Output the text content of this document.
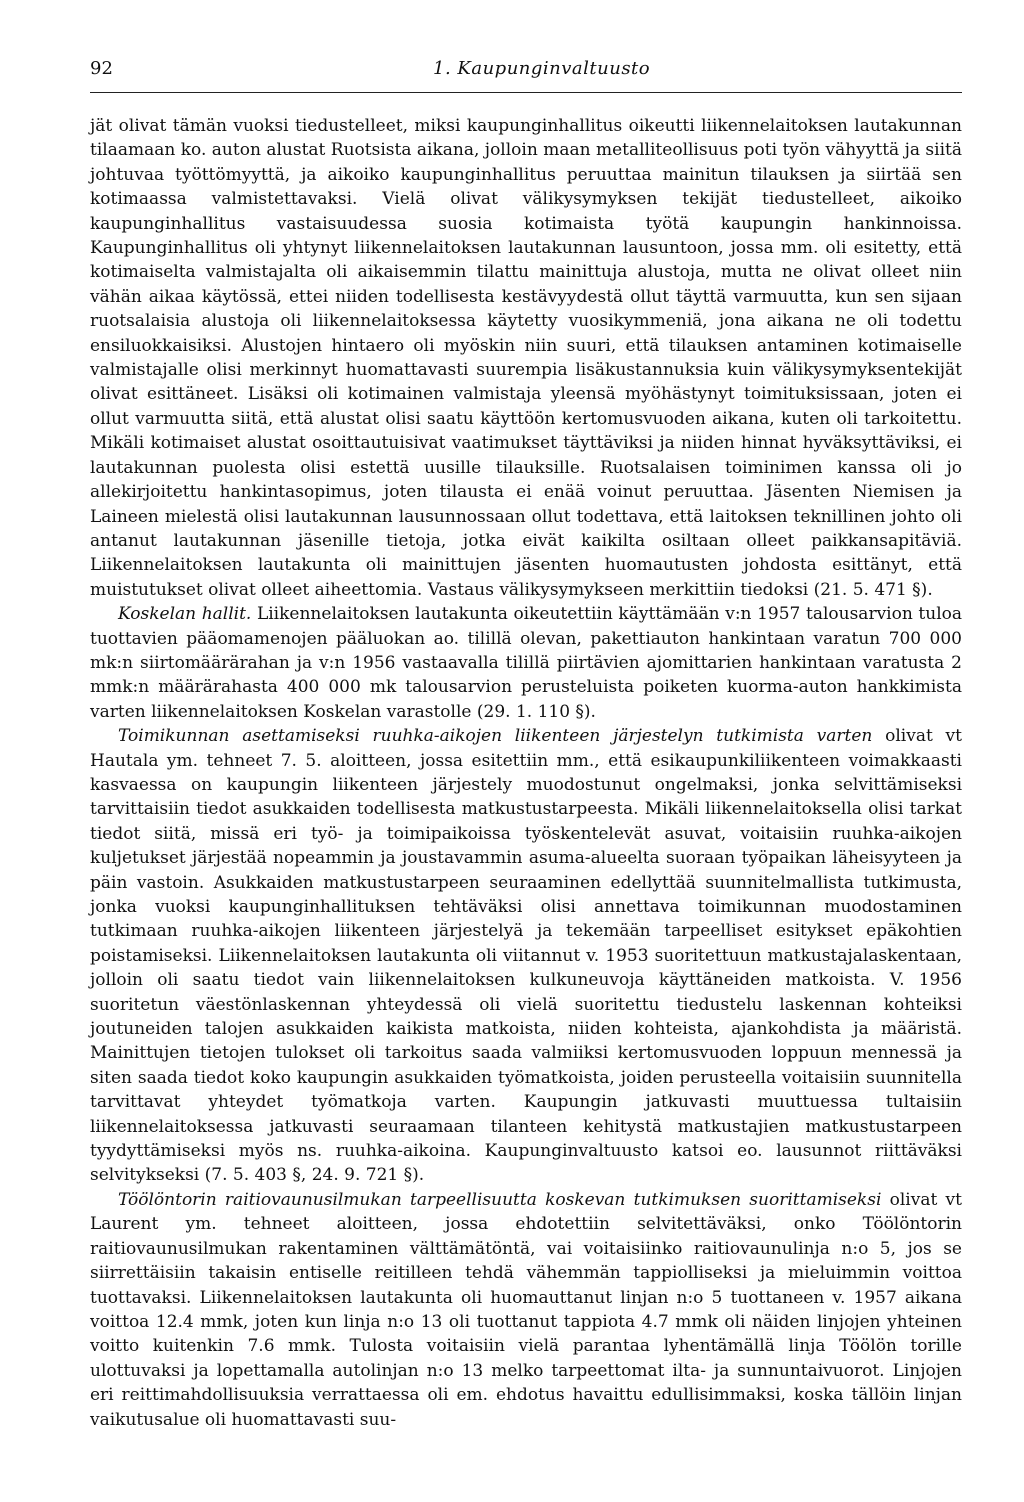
92	1. Kaupunginvaltuusto

jät olivat tämän vuoksi tiedustelleet, miksi kaupunginhallitus oikeutti liikennelaitoksen lautakunnan tilaamaan ko. auton alustat Ruotsista aikana, jolloin maan metalliteollisuus poti työn vähyyttä ja siitä johtuvaa työttömyyttä, ja aikoiko kaupunginhallitus peruuttaa mainitun tilauksen ja siirtää sen kotimaassa valmistettavaksi. Vielä olivat välikysymyksen tekijät tiedustelleet, aikoiko kaupunginhallitus vastaisuudessa suosia kotimaista työtä kaupungin hankinnoissa. Kaupunginhallitus oli yhtynyt liikennelaitoksen lautakunnan lausuntoon, jossa mm. oli esitetty, että kotimaiselta valmistajalta oli aikaisemmin tilattu mainittuja alustoja, mutta ne olivat olleet niin vähän aikaa käytössä, ettei niiden todellisesta kestävyydestä ollut täyttä varmuutta, kun sen sijaan ruotsalaisia alustoja oli liikennelaitoksessa käytetty vuosikymmeniä, jona aikana ne oli todettu ensiluokkaisiksi. Alustojen hintaero oli myöskin niin suuri, että tilauksen antaminen kotimaiselle valmistajalle olisi merkinnyt huomattavasti suurempia lisäkustannuksia kuin välikysymyksentekijät olivat esittäneet. Lisäksi oli kotimainen valmistaja yleensä myöhästynyt toimituksissaan, joten ei ollut varmuutta siitä, että alustat olisi saatu käyttöön kertomusvuoden aikana, kuten oli tarkoitettu. Mikäli kotimaiset alustat osoittautuisivat vaatimukset täyttäviksi ja niiden hinnat hyväksyttäviksi, ei lautakunnan puolesta olisi estettä uusille tilauksille. Ruotsalaisen toiminimen kanssa oli jo allekirjoitettu hankintasopimus, joten tilausta ei enää voinut peruuttaa. Jäsenten Niemisen ja Laineen mielestä olisi lautakunnan lausunnossaan ollut todettava, että laitoksen teknillinen johto oli antanut lautakunnan jäsenille tietoja, jotka eivät kaikilta osiltaan olleet paikkansapitäviä. Liikennelaitoksen lautakunta oli mainittujen jäsenten huomautusten johdosta esittänyt, että muistutukset olivat olleet aiheettomia. Vastaus välikysymykseen merkittiin tiedoksi (21. 5. 471 §).

Koskelan hallit. Liikennelaitoksen lautakunta oikeutettiin käyttämään v:n 1957 talousarvion tuloa tuottavien pääomamenojen pääluokan ao. tilillä olevan, pakettiauton hankintaan varatun 700 000 mk:n siirtomäärärahan ja v:n 1956 vastaavalla tilillä piirtävien ajomittarien hankintaan varatusta 2 mmk:n määrärahasta 400 000 mk talousarvion perusteluista poiketen kuorma-auton hankkimista varten liikennelaitoksen Koskelan varastolle (29. 1. 110 §).

Toimikunnan asettamiseksi ruuhka-aikojen liikenteen järjestelyn tutkimista varten olivat vt Hautala ym. tehneet 7. 5. aloitteen, jossa esitettiin mm., että esikaupunkiliikenteen voimakkaasti kasvaessa on kaupungin liikenteen järjestely muodostunut ongelmaksi, jonka selvittämiseksi tarvittaisiin tiedot asukkaiden todellisesta matkustustarpeesta. Mikäli liikennelaitoksella olisi tarkat tiedot siitä, missä eri työ- ja toimipaikoissa työskentelevät asuvat, voitaisiin ruuhka-aikojen kuljetukset järjestää nopeammin ja joustavammin asuma-alueelta suoraan työpaikan läheisyyteen ja päin vastoin. Asukkaiden matkustustarpeen seuraaminen edellyttää suunnitelmallista tutkimusta, jonka vuoksi kaupunginhallituksen tehtäväksi olisi annettava toimikunnan muodostaminen tutkimaan ruuhka-aikojen liikenteen järjestelyä ja tekemään tarpeelliset esitykset epäkohtien poistamiseksi. Liikennelaitoksen lautakunta oli viitannut v. 1953 suoritettuun matkustajalaskentaan, jolloin oli saatu tiedot vain liikennelaitoksen kulkuneuvoja käyttäneiden matkoista. V. 1956 suoritetun väestönlaskennan yhteydessä oli vielä suoritettu tiedustelu laskennan kohteiksi joutuneiden talojen asukkaiden kaikista matkoista, niiden kohteista, ajankohdista ja määristä. Mainittujen tietojen tulokset oli tarkoitus saada valmiiksi kertomusvuoden loppuun mennessä ja siten saada tiedot koko kaupungin asukkaiden työmatkoista, joiden perusteella voitaisiin suunnitella tarvittavat yhteydet työmatkoja varten. Kaupungin jatkuvasti muuttuessa tultaisiin liikennelaitoksessa jatkuvasti seuraamaan tilanteen kehitystä matkustajien matkustustarpeen tyydyttämiseksi myös ns. ruuhka-aikoina. Kaupunginvaltuusto katsoi eo. lausunnot riittäväksi selvitykseksi (7. 5. 403 §, 24. 9. 721 §).

Töölöntorin raitiovaunusilmukan tarpeellisuutta koskevan tutkimuksen suorittamiseksi olivat vt Laurent ym. tehneet aloitteen, jossa ehdotettiin selvitettäväksi, onko Töölöntorin raitiovaunusilmukan rakentaminen välttämätöntä, vai voitaisiinko raitiovaunulinja n:o 5, jos se siirrettäisiin takaisin entiselle reitilleen tehdä vähemmän tappiolliseksi ja mieluimmin voittoa tuottavaksi. Liikennelaitoksen lautakunta oli huomauttanut linjan n:o 5 tuottaneen v. 1957 aikana voittoa 12.4 mmk, joten kun linja n:o 13 oli tuottanut tappiota 4.7 mmk oli näiden linjojen yhteinen voitto kuitenkin 7.6 mmk. Tulosta voitaisiin vielä parantaa lyhentämällä linja Töölön torille ulottuvaksi ja lopettamalla autolinjan n:o 13 melko tarpeettomat ilta- ja sunnuntaivuorot. Linjojen eri reittimahdollisuuksia verrattaessa oli em. ehdotus havaittu edullisimmaksi, koska tällöin linjan vaikutusalue oli huomattavasti suu-
